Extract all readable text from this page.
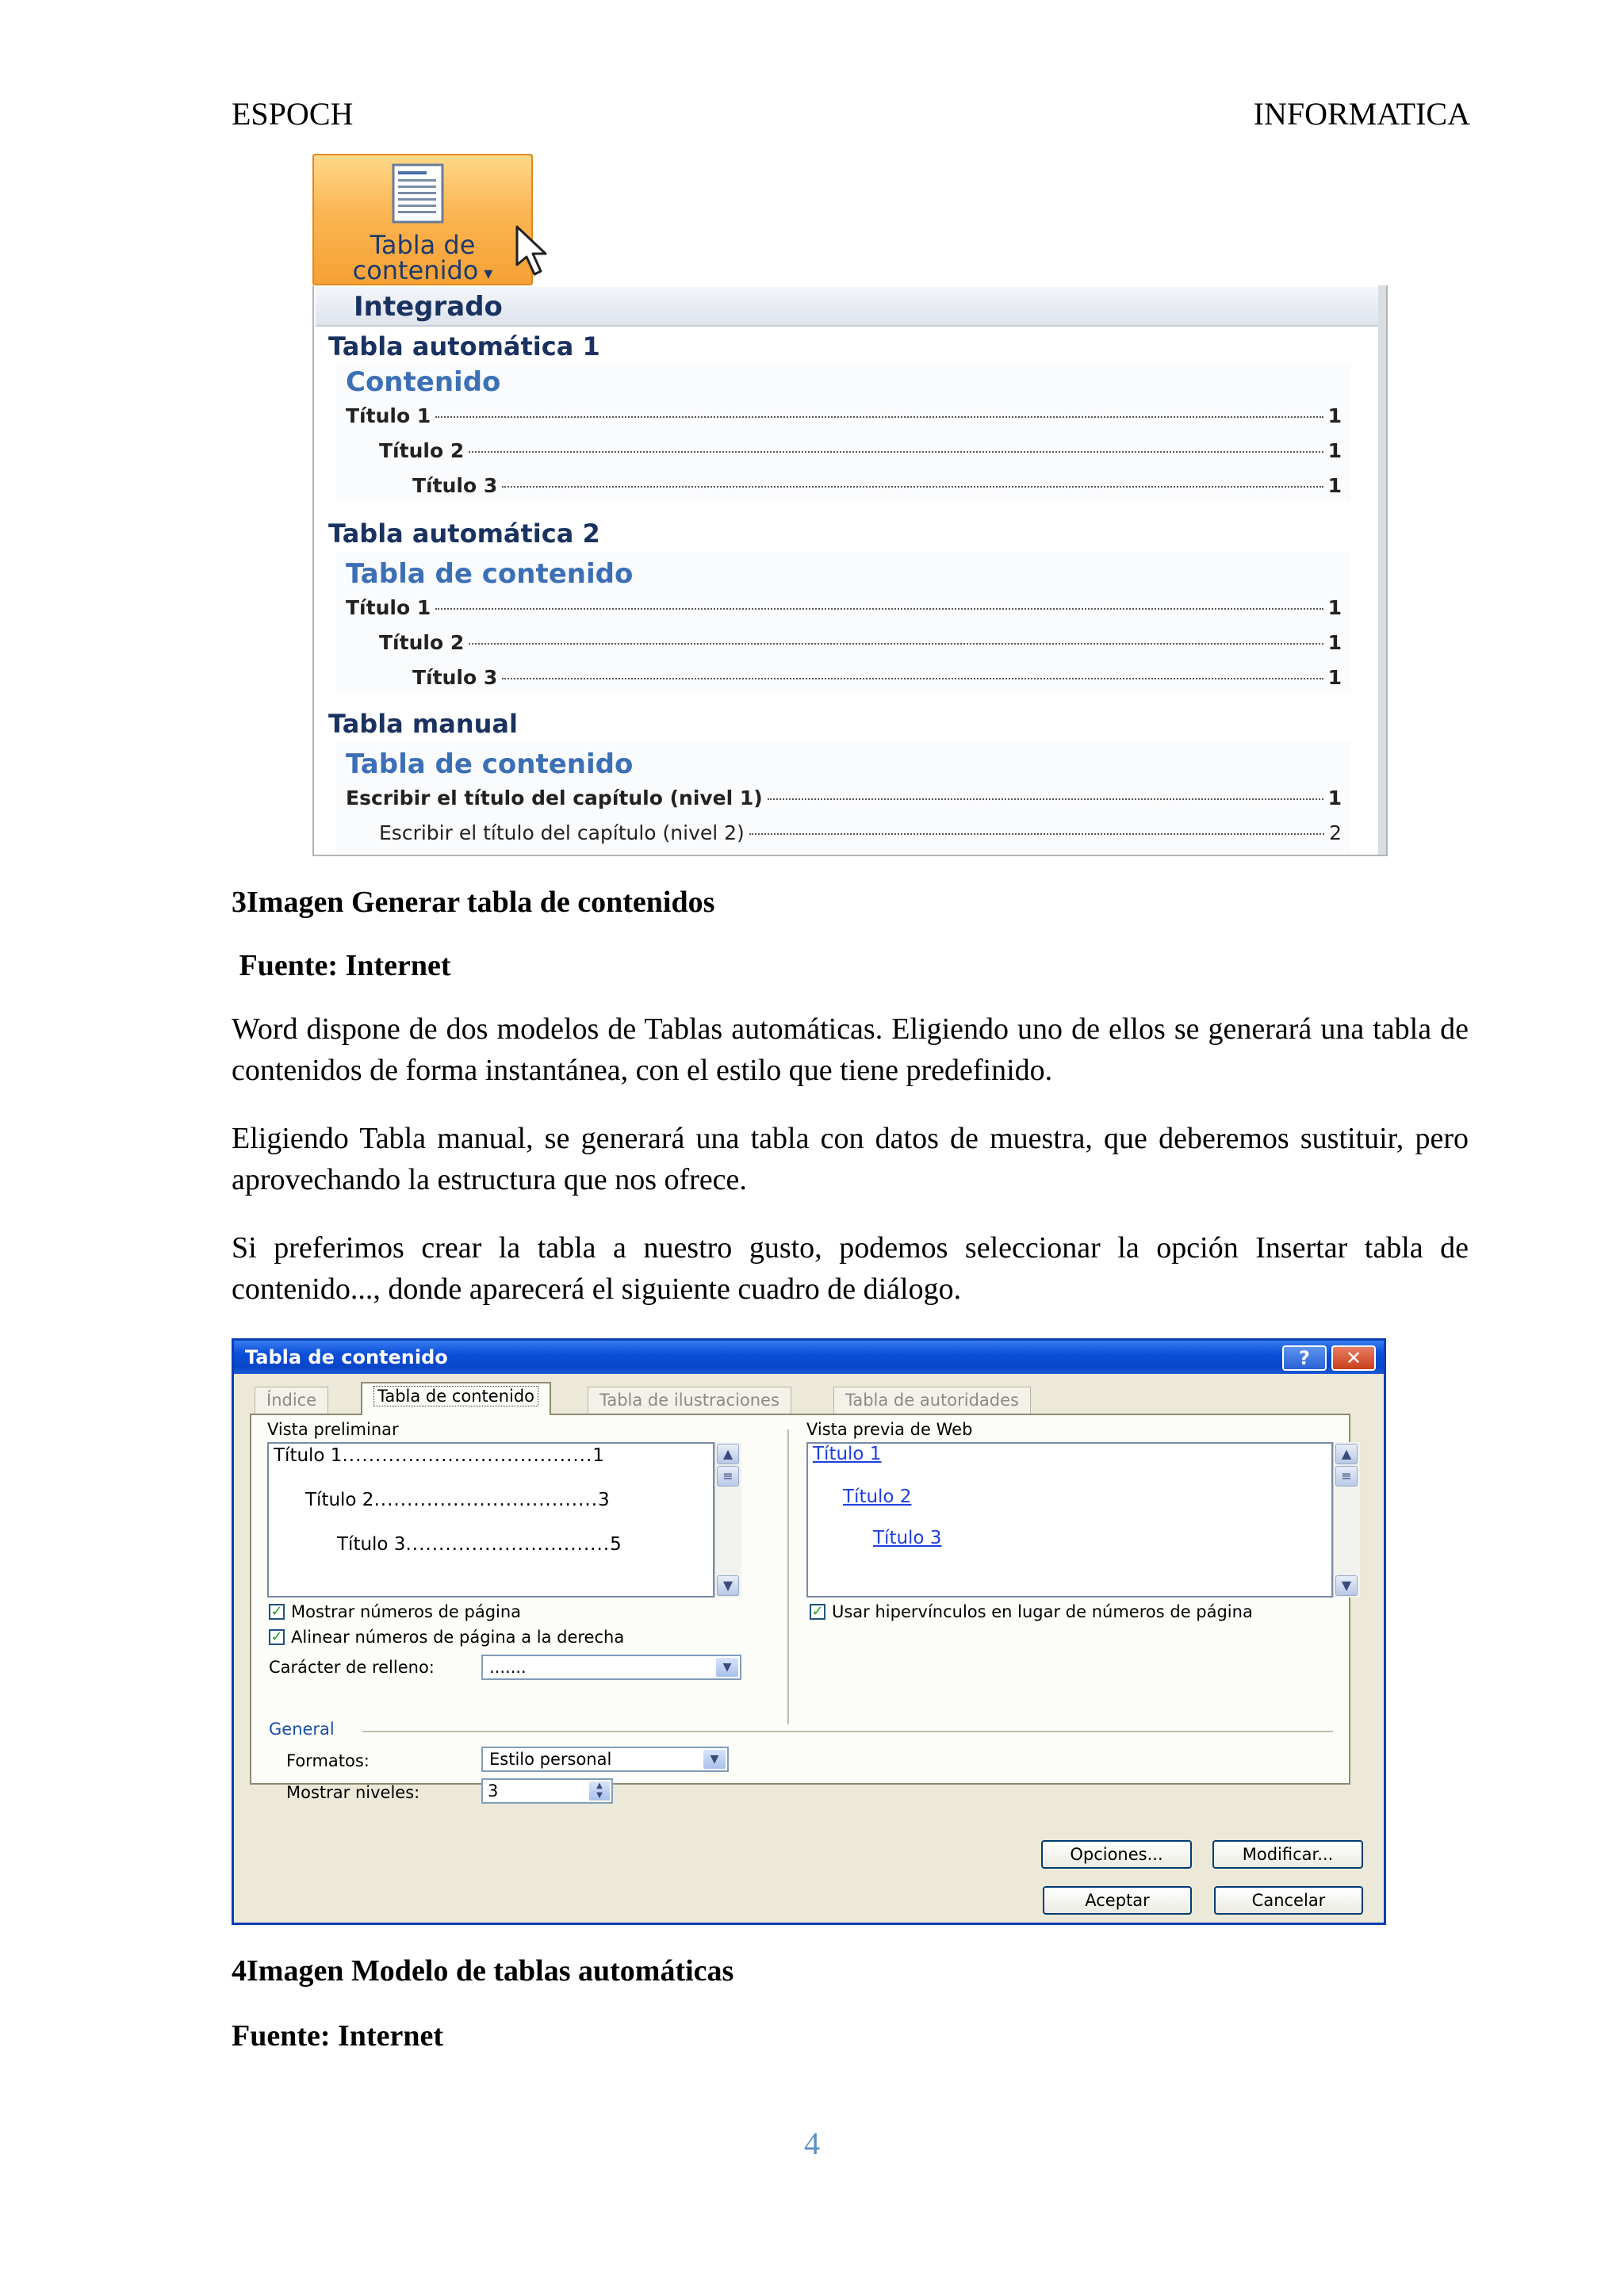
ESPOCH	INFORMATICA
Tabla de
contenido ▾
Integrado
Tabla automática 1
Contenido
Título 1	1
Título 2	1
Título 3	1
Tabla automática 2
Tabla de contenido
Título 1	1
Título 2	1
Título 3	1
Tabla manual
Tabla de contenido
Escribir el título del capítulo (nivel 1)	1
Escribir el título del capítulo (nivel 2)	2
3Imagen Generar tabla de contenidos
Fuente: Internet
Word dispone de dos modelos de Tablas automáticas. Eligiendo uno de ellos se generará una tabla de contenidos de forma instantánea, con el estilo que tiene predefinido.
Eligiendo Tabla manual, se generará una tabla con datos de muestra, que deberemos sustituir, pero aprovechando la estructura que nos ofrece.
Si preferimos crear la tabla a nuestro gusto, podemos seleccionar la opción Insertar tabla de contenido..., donde aparecerá el siguiente cuadro de diálogo.
Tabla de contenido	?	✕
Índice	Tabla de contenido	Tabla de ilustraciones	Tabla de autoridades
Vista preliminar
Título 1 ...................................... 1
Título 2 .................................. 3
Título 3 ............................... 5
▲
≡
▼
✓ Mostrar números de página
✓ Alinear números de página a la derecha
Carácter de relleno:	.......	▼
Vista previa de Web
Título 1
Título 2
Título 3
▲
≡
▼
✓ Usar hipervínculos en lugar de números de página
General
Formatos:	Estilo personal	▼
Mostrar niveles:	3	▲
▼
Opciones...	Modificar...
Aceptar	Cancelar
4Imagen Modelo de tablas automáticas
Fuente: Internet
4
